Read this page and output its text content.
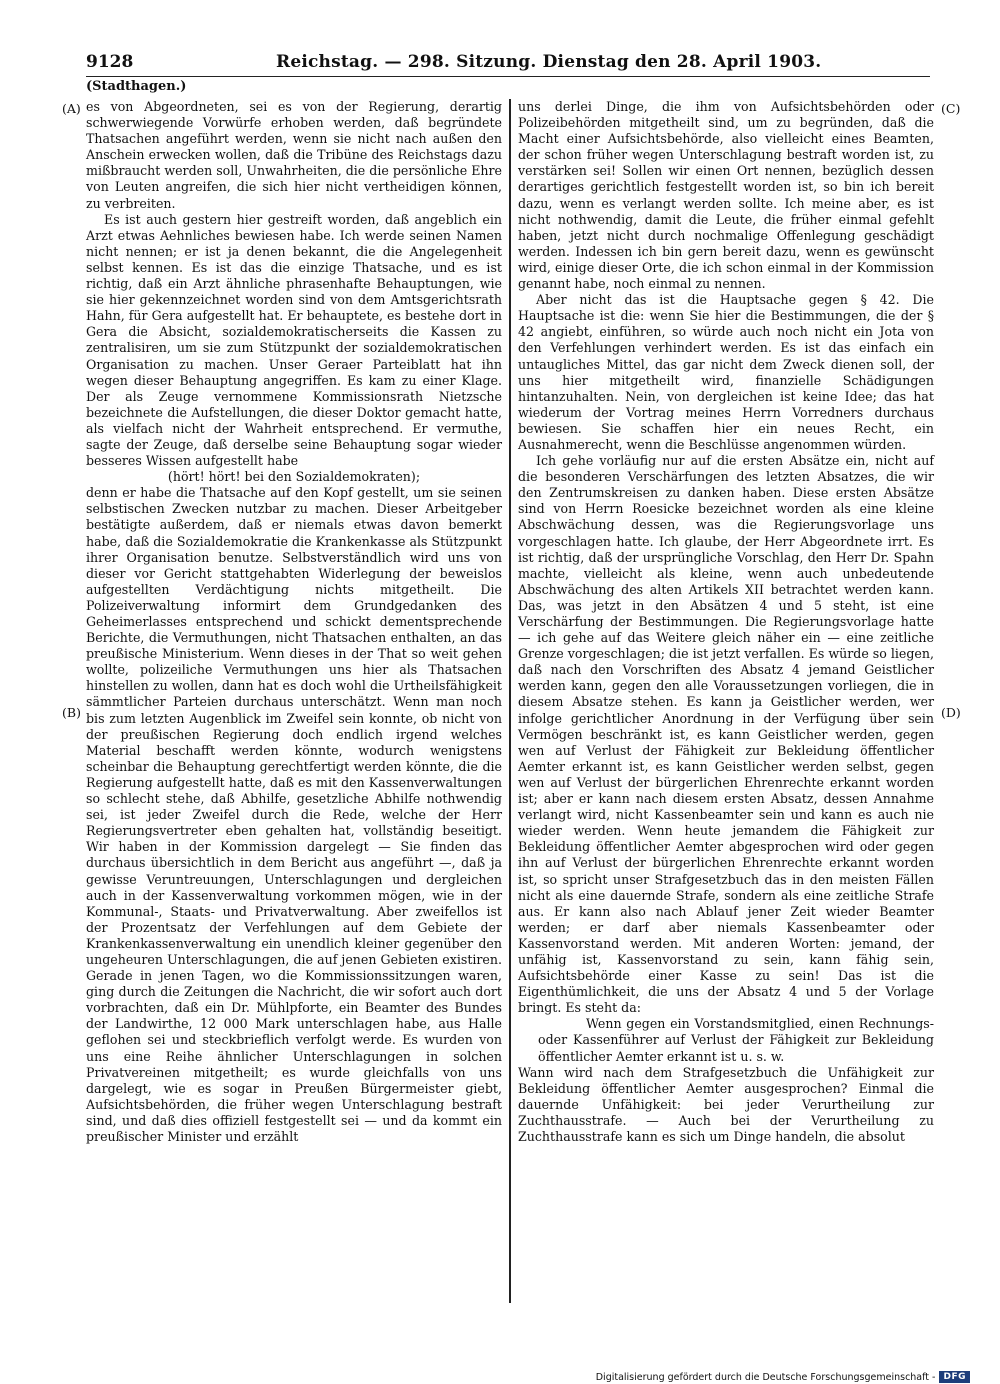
9128	Reichstag. — 298. Sitzung. Dienstag den 28. April 1903.
(Stadthagen.)
(A)
(B)
(C)
(D)

es von Abgeordneten, sei es von der Regierung, derartig schwerwiegende Vorwürfe erhoben werden, daß begründete Thatsachen angeführt werden, wenn sie nicht nach außen den Anschein erwecken wollen, daß die Tribüne des Reichstags dazu mißbraucht werden soll, Unwahrheiten, die die persönliche Ehre von Leuten angreifen, die sich hier nicht vertheidigen können, zu verbreiten.

Es ist auch gestern hier gestreift worden, daß angeblich ein Arzt etwas Aehnliches bewiesen habe. Ich werde seinen Namen nicht nennen; er ist ja denen bekannt, die die Angelegenheit selbst kennen. Es ist das die einzige Thatsache, und es ist richtig, daß ein Arzt ähnliche phrasenhafte Behauptungen, wie sie hier gekennzeichnet worden sind von dem Amtsgerichtsrath Hahn, für Gera aufgestellt hat. Er behauptete, es bestehe dort in Gera die Absicht, sozialdemokratischerseits die Kassen zu zentralisiren, um sie zum Stützpunkt der sozialdemokratischen Organisation zu machen. Unser Geraer Parteiblatt hat ihn wegen dieser Behauptung angegriffen. Es kam zu einer Klage. Der als Zeuge vernommene Kommissionsrath Nietzsche bezeichnete die Aufstellungen, die dieser Doktor gemacht hatte, als vielfach nicht der Wahrheit entsprechend. Er vermuthe, sagte der Zeuge, daß derselbe seine Behauptung sogar wieder besseres Wissen aufgestellt habe

(hört! hört! bei den Sozialdemokraten);

denn er habe die Thatsache auf den Kopf gestellt, um sie seinen selbstischen Zwecken nutzbar zu machen. Dieser Arbeitgeber bestätigte außerdem, daß er niemals etwas davon bemerkt habe, daß die Sozialdemokratie die Krankenkasse als Stützpunkt ihrer Organisation benutze. Selbstverständlich wird uns von dieser vor Gericht stattgehabten Widerlegung der beweislos aufgestellten Verdächtigung nichts mitgetheilt. Die Polizeiverwaltung informirt dem Grundgedanken des Geheimerlasses entsprechend und schickt dementsprechende Berichte, die Vermuthungen, nicht Thatsachen enthalten, an das preußische Ministerium. Wenn dieses in der That so weit gehen wollte, polizeiliche Vermuthungen uns hier als Thatsachen hinstellen zu wollen, dann hat es doch wohl die Urtheilsfähigkeit sämmtlicher Parteien durchaus unterschätzt. Wenn man noch bis zum letzten Augenblick im Zweifel sein konnte, ob nicht von der preußischen Regierung doch endlich irgend welches Material beschafft werden könnte, wodurch wenigstens scheinbar die Behauptung gerechtfertigt werden könnte, die die Regierung aufgestellt hatte, daß es mit den Kassenverwaltungen so schlecht stehe, daß Abhilfe, gesetzliche Abhilfe nothwendig sei, ist jeder Zweifel durch die Rede, welche der Herr Regierungsvertreter eben gehalten hat, vollständig beseitigt. Wir haben in der Kommission dargelegt — Sie finden das durchaus übersichtlich in dem Bericht aus angeführt —, daß ja gewisse Veruntreuungen, Unterschlagungen und dergleichen auch in der Kassenverwaltung vorkommen mögen, wie in der Kommunal-, Staats- und Privatverwaltung. Aber zweifellos ist der Prozentsatz der Verfehlungen auf dem Gebiete der Krankenkassenverwaltung ein unendlich kleiner gegenüber den ungeheuren Unterschlagungen, die auf jenen Gebieten existiren. Gerade in jenen Tagen, wo die Kommissionssitzungen waren, ging durch die Zeitungen die Nachricht, die wir sofort auch dort vorbrachten, daß ein Dr. Mühlpforte, ein Beamter des Bundes der Landwirthe, 12 000 Mark unterschlagen habe, aus Halle geflohen sei und steckbrieflich verfolgt werde. Es wurden von uns eine Reihe ähnlicher Unterschlagungen in solchen Privatvereinen mitgetheilt; es wurde gleichfalls von uns dargelegt, wie es sogar in Preußen Bürgermeister giebt, Aufsichtsbehörden, die früher wegen Unterschlagung bestraft sind, und daß dies offiziell festgestellt sei — und da kommt ein preußischer Minister und erzählt

uns derlei Dinge, die ihm von Aufsichtsbehörden oder Polizeibehörden mitgetheilt sind, um zu begründen, daß die Macht einer Aufsichtsbehörde, also vielleicht eines Beamten, der schon früher wegen Unterschlagung bestraft worden ist, zu verstärken sei! Sollen wir einen Ort nennen, bezüglich dessen derartiges gerichtlich festgestellt worden ist, so bin ich bereit dazu, wenn es verlangt werden sollte. Ich meine aber, es ist nicht nothwendig, damit die Leute, die früher einmal gefehlt haben, jetzt nicht durch nochmalige Offenlegung geschädigt werden. Indessen ich bin gern bereit dazu, wenn es gewünscht wird, einige dieser Orte, die ich schon einmal in der Kommission genannt habe, noch einmal zu nennen.

Aber nicht das ist die Hauptsache gegen § 42. Die Hauptsache ist die: wenn Sie hier die Bestimmungen, die der § 42 angiebt, einführen, so würde auch noch nicht ein Jota von den Verfehlungen verhindert werden. Es ist das einfach ein untaugliches Mittel, das gar nicht dem Zweck dienen soll, der uns hier mitgetheilt wird, finanzielle Schädigungen hintanzuhalten. Nein, von dergleichen ist keine Idee; das hat wiederum der Vortrag meines Herrn Vorredners durchaus bewiesen. Sie schaffen hier ein neues Recht, ein Ausnahmerecht, wenn die Beschlüsse angenommen würden.

Ich gehe vorläufig nur auf die ersten Absätze ein, nicht auf die besonderen Verschärfungen des letzten Absatzes, die wir den Zentrumskreisen zu danken haben. Diese ersten Absätze sind von Herrn Roesicke bezeichnet worden als eine kleine Abschwächung dessen, was die Regierungsvorlage uns vorgeschlagen hatte. Ich glaube, der Herr Abgeordnete irrt. Es ist richtig, daß der ursprüngliche Vorschlag, den Herr Dr. Spahn machte, vielleicht als kleine, wenn auch unbedeutende Abschwächung des alten Artikels XII betrachtet werden kann. Das, was jetzt in den Absätzen 4 und 5 steht, ist eine Verschärfung der Bestimmungen. Die Regierungsvorlage hatte — ich gehe auf das Weitere gleich näher ein — eine zeitliche Grenze vorgeschlagen; die ist jetzt verfallen. Es würde so liegen, daß nach den Vorschriften des Absatz 4 jemand Geistlicher werden kann, gegen den alle Voraussetzungen vorliegen, die in diesem Absatze stehen. Es kann ja Geistlicher werden, wer infolge gerichtlicher Anordnung in der Verfügung über sein Vermögen beschränkt ist, es kann Geistlicher werden, gegen wen auf Verlust der Fähigkeit zur Bekleidung öffentlicher Aemter erkannt ist, es kann Geistlicher werden selbst, gegen wen auf Verlust der bürgerlichen Ehrenrechte erkannt worden ist; aber er kann nach diesem ersten Absatz, dessen Annahme verlangt wird, nicht Kassenbeamter sein und kann es auch nie wieder werden. Wenn heute jemandem die Fähigkeit zur Bekleidung öffentlicher Aemter abgesprochen wird oder gegen ihn auf Verlust der bürgerlichen Ehrenrechte erkannt worden ist, so spricht unser Strafgesetzbuch das in den meisten Fällen nicht als eine dauernde Strafe, sondern als eine zeitliche Strafe aus. Er kann also nach Ablauf jener Zeit wieder Beamter werden; er darf aber niemals Kassenbeamter oder Kassenvorstand werden. Mit anderen Worten: jemand, der unfähig ist, Kassenvorstand zu sein, kann fähig sein, Aufsichtsbehörde einer Kasse zu sein! Das ist die Eigenthümlichkeit, die uns der Absatz 4 und 5 der Vorlage bringt. Es steht da:

Wenn gegen ein Vorstandsmitglied, einen Rechnungs- oder Kassenführer auf Verlust der Fähigkeit zur Bekleidung öffentlicher Aemter erkannt ist u. s. w.

Wann wird nach dem Strafgesetzbuch die Unfähigkeit zur Bekleidung öffentlicher Aemter ausgesprochen? Einmal die dauernde Unfähigkeit: bei jeder Verurtheilung zur Zuchthausstrafe. — Auch bei der Verurtheilung zu Zuchthausstrafe kann es sich um Dinge handeln, die absolut

Digitalisierung gefördert durch die Deutsche Forschungsgemeinschaft - DFG
